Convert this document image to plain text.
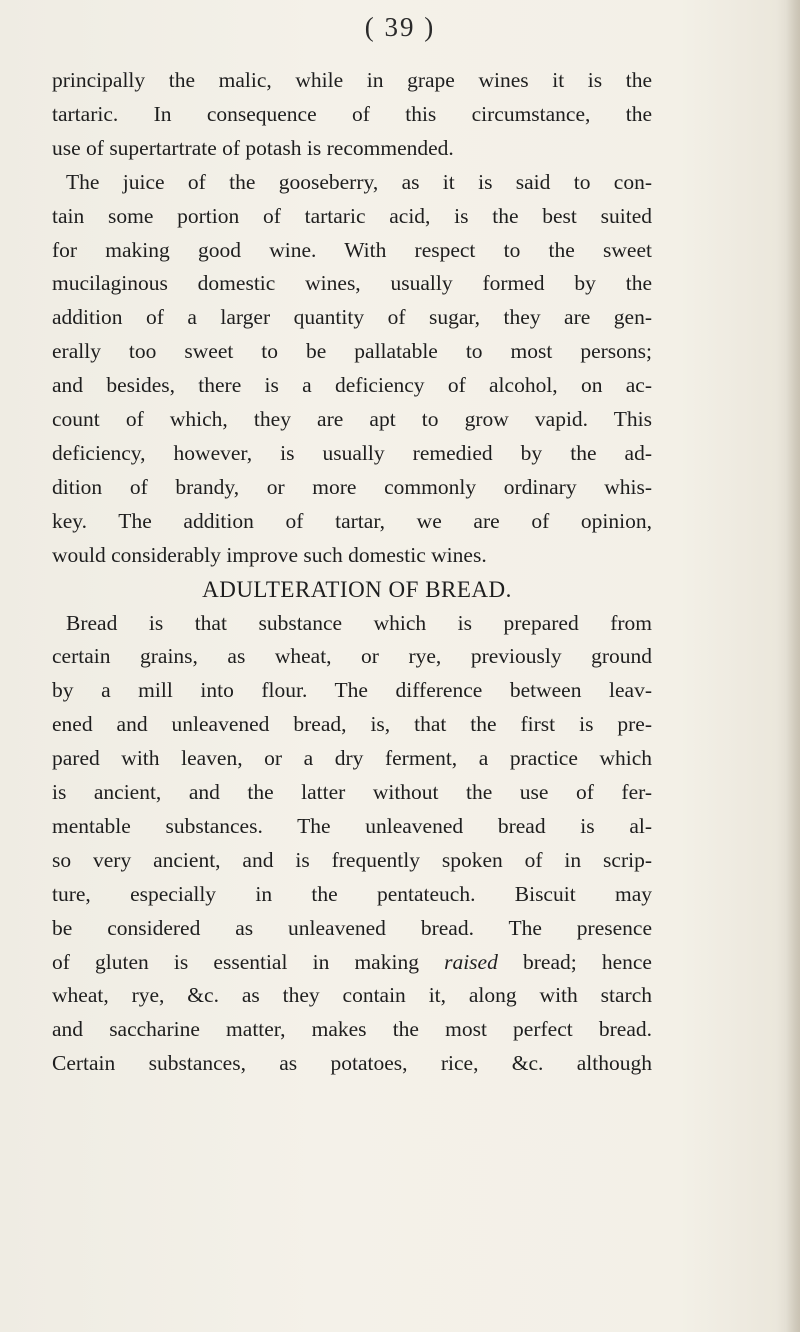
( 39 )
principally the malic, while in grape wines it is the
tartaric. In consequence of this circumstance, the
use of supertartrate of potash is recommended.
The juice of the gooseberry, as it is said to con-
tain some portion of tartaric acid, is the best suited
for making good wine. With respect to the sweet
mucilaginous domestic wines, usually formed by the
addition of a larger quantity of sugar, they are gen-
erally too sweet to be pallatable to most persons;
and besides, there is a deficiency of alcohol, on ac-
count of which, they are apt to grow vapid. This
deficiency, however, is usually remedied by the ad-
dition of brandy, or more commonly ordinary whis-
key. The addition of tartar, we are of opinion,
would considerably improve such domestic wines.
ADULTERATION OF BREAD.
Bread is that substance which is prepared from
certain grains, as wheat, or rye, previously ground
by a mill into flour. The difference between leav-
ened and unleavened bread, is, that the first is pre-
pared with leaven, or a dry ferment, a practice which
is ancient, and the latter without the use of fer-
mentable substances. The unleavened bread is al-
so very ancient, and is frequently spoken of in scrip-
ture, especially in the pentateuch. Biscuit may
be considered as unleavened bread. The presence
of gluten is essential in making raised bread; hence
wheat, rye, &c. as they contain it, along with starch
and saccharine matter, makes the most perfect bread.
Certain substances, as potatoes, rice, &c. although
